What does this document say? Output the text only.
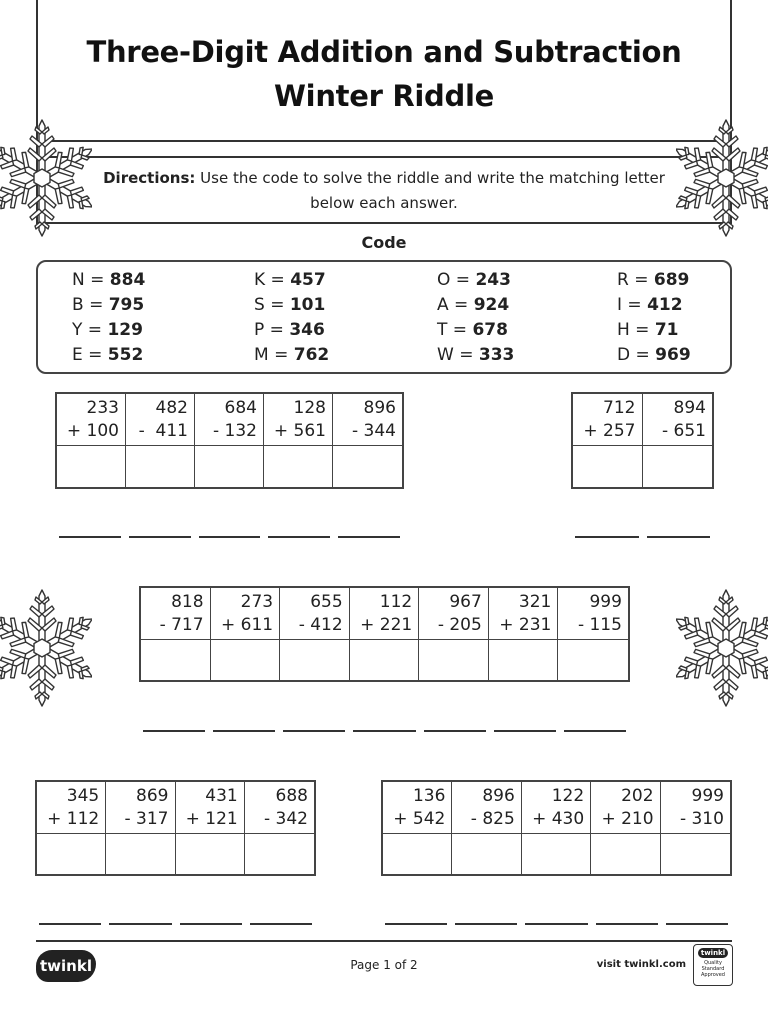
Three-Digit Addition and Subtraction
Winter Riddle
Directions: Use the code to solve the riddle and write the matching letter below each answer.
Code
N = 884
B = 795
Y = 129
E = 552
K = 457
S = 101
P = 346
M = 762
O = 243
A = 924
T = 678
W = 333
R = 689
I = 412
H = 71
D = 969
233
+ 100
482
-  411
684
- 132
128
+ 561
896
- 344
712
+ 257
894
- 651
818
- 717
273
+ 611
655
- 412
112
+ 221
967
- 205
321
+ 231
999
- 115
345
+ 112
869
- 317
431
+ 121
688
- 342
136
+ 542
896
- 825
122
+ 430
202
+ 210
999
- 310
twinkl	Page 1 of 2	visit twinkl.com
twinkl
Quality Standard Approved
